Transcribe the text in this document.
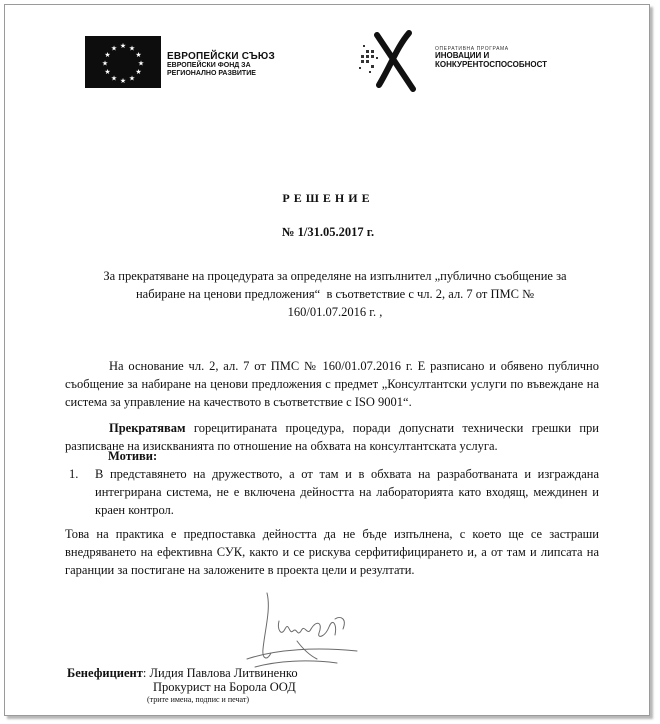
★ ★
★
★
★
★
★
★
★
★
★
★
ЕВРОПЕЙСКИ СЪЮЗ
ЕВРОПЕЙСКИ ФОНД ЗА
РЕГИОНАЛНО РАЗВИТИЕ
ОПЕРАТИВНА ПРОГРАМА
ИНОВАЦИИ И
КОНКУРЕНТОСПОСОБНОСТ
РЕШЕНИЕ
№ 1/31.05.2017 г.
За прекратяване на процедурата за определяне на изпълнител „публично съобщение за
набиране на ценови предложения“  в съответствие с чл. 2, ал. 7 от ПМС №
160/01.07.2016 г. ,
На основание чл. 2, ал. 7 от ПМС № 160/01.07.2016 г. Е разписано и обявено публично съобщение за набиране на ценови предложения с предмет „Консултантски услуги по въвеждане на система за управление на качеството в съответствие с ISO 9001“.
Прекратявам горецитираната процедура, поради допуснати технически грешки при разписване на изискванията по отношение на обхвата на консултантската услуга.
Мотиви:
1. В представянето на дружеството, а от там и в обхвата на разработваната и изграждана интегрирана система, не е включена дейността на лабораторията като входящ, междинен и краен контрол.
Това на практика е предпоставка дейността да не бъде изпълнена, с което ще се застраши внедряването на ефективна СУК, както и се рискува серфитифицирането и, а от там и липсата на гаранции за постигане на заложените в проекта цели и резултати.
Бенефициент: Лидия Павлова Литвиненко
Прокурист на Борола ООД
(трите имена, подпис и печат)
